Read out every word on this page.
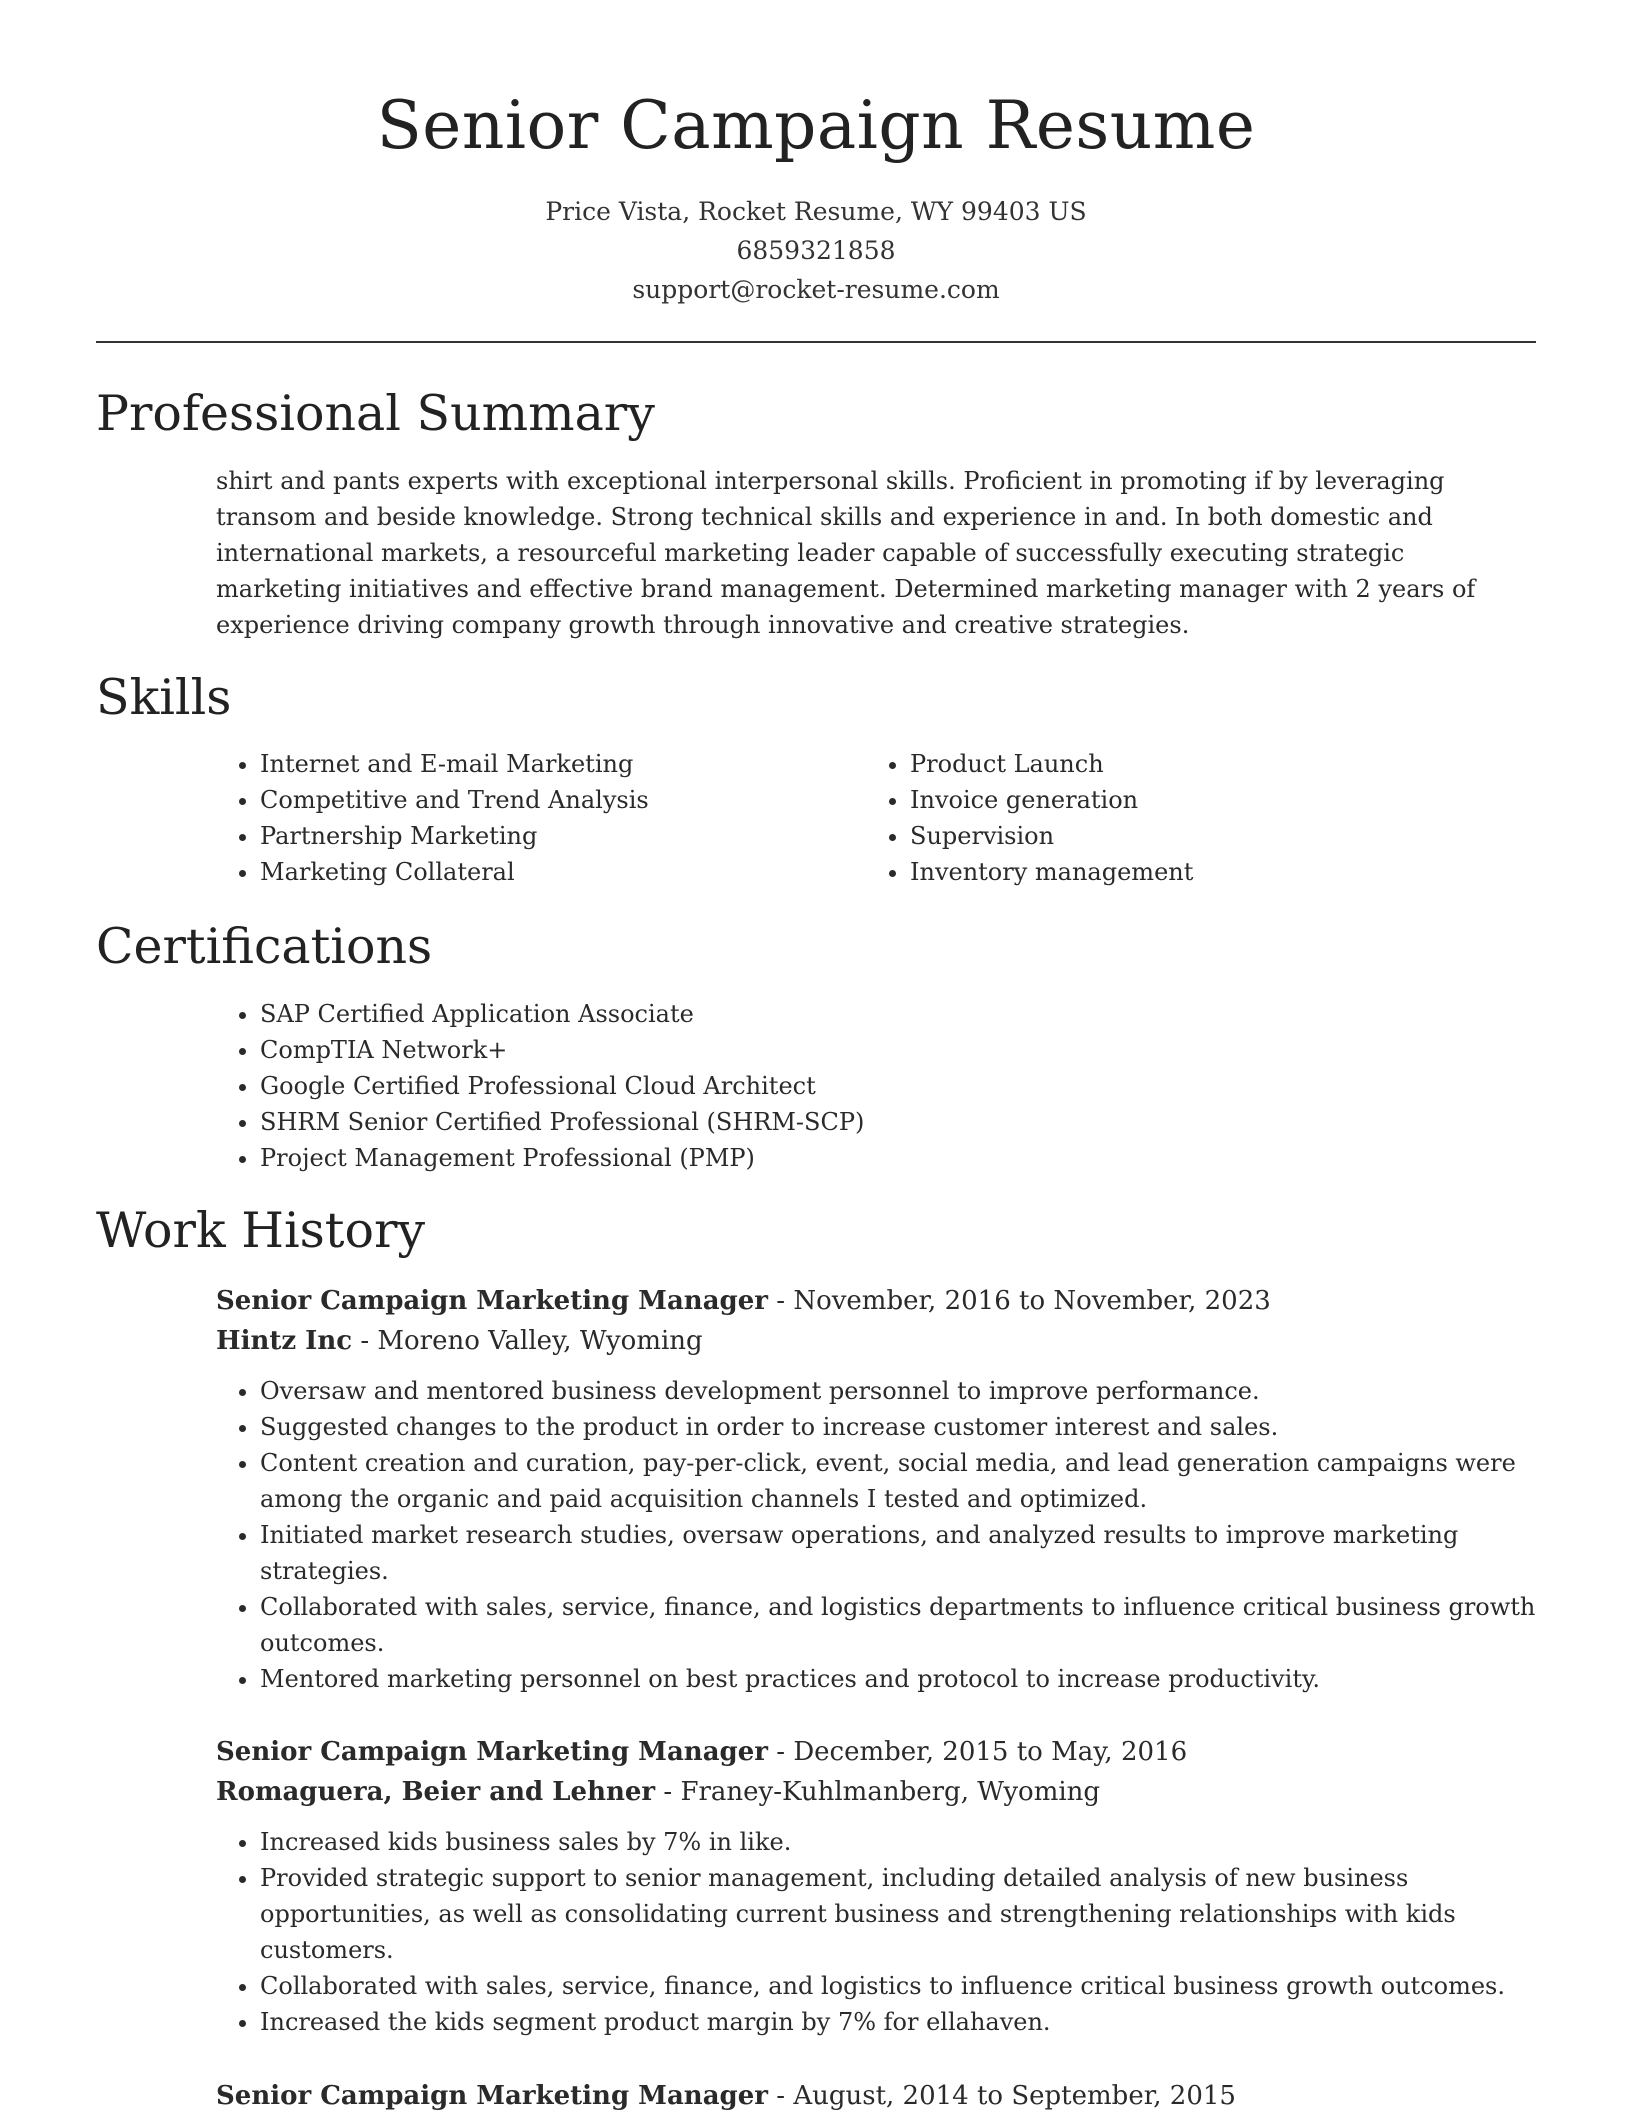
Senior Campaign Resume
Price Vista, Rocket Resume, WY 99403 US
6859321858
support@rocket-resume.com
Professional Summary

shirt and pants experts with exceptional interpersonal skills. Proficient in promoting if by leveraging transom and beside knowledge. Strong technical skills and experience in and. In both domestic and international markets, a resourceful marketing leader capable of successfully executing strategic marketing initiatives and effective brand management. Determined marketing manager with 2 years of experience driving company growth through innovative and creative strategies.

Skills
• Internet and E-mail Marketing
• Competitive and Trend Analysis
• Partnership Marketing
• Marketing Collateral
• Product Launch
• Invoice generation
• Supervision
• Inventory management
Certifications
• SAP Certified Application Associate
• CompTIA Network+
• Google Certified Professional Cloud Architect
• SHRM Senior Certified Professional (SHRM-SCP)
• Project Management Professional (PMP)
Work History
Senior Campaign Marketing Manager - November, 2016 to November, 2023
Hintz Inc - Moreno Valley, Wyoming
• Oversaw and mentored business development personnel to improve performance.
• Suggested changes to the product in order to increase customer interest and sales.
• Content creation and curation, pay-per-click, event, social media, and lead generation campaigns were among the organic and paid acquisition channels I tested and optimized.
• Initiated market research studies, oversaw operations, and analyzed results to improve marketing strategies.
• Collaborated with sales, service, finance, and logistics departments to influence critical business growth outcomes.
• Mentored marketing personnel on best practices and protocol to increase productivity.
Senior Campaign Marketing Manager - December, 2015 to May, 2016
Romaguera, Beier and Lehner - Franey-Kuhlmanberg, Wyoming
• Increased kids business sales by 7% in like.
• Provided strategic support to senior management, including detailed analysis of new business opportunities, as well as consolidating current business and strengthening relationships with kids customers.
• Collaborated with sales, service, finance, and logistics to influence critical business growth outcomes.
• Increased the kids segment product margin by 7% for ellahaven.
Senior Campaign Marketing Manager - August, 2014 to September, 2015
